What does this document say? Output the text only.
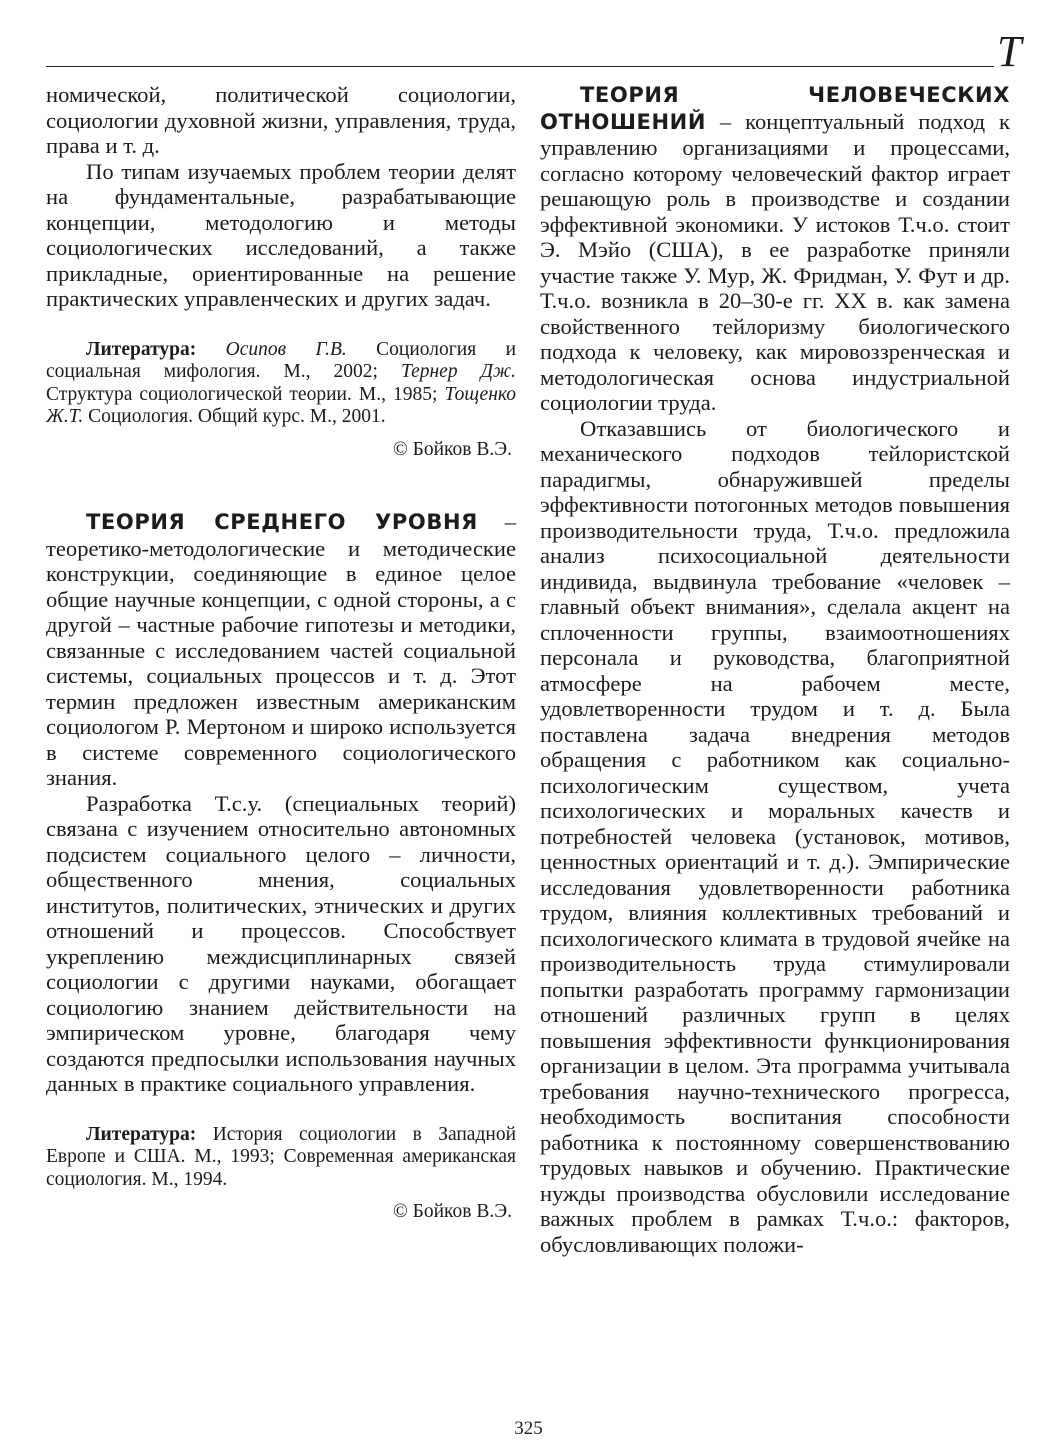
Т

номической, политической социологии, социологии духовной жизни, управления, труда, права и т. д.

По типам изучаемых проблем теории делят на фундаментальные, разрабатывающие концепции, методологию и методы социологических исследований, а также прикладные, ориентированные на решение практических управленческих и других задач.

Литература: Осипов Г.В. Социология и социальная мифология. М., 2002; Тернер Дж. Структура социологической теории. М., 1985; Тощенко Ж.Т. Социология. Общий курс. М., 2001.

© Бойков В.Э.

ТЕОРИЯ СРЕДНЕГО УРОВНЯ – теоретико-методологические и методические конструкции, соединяющие в единое целое общие научные концепции, с одной стороны, а с другой – частные рабочие гипотезы и методики, связанные с исследованием частей социальной системы, социальных процессов и т. д. Этот термин предложен известным американским социологом Р. Мертоном и широко используется в системе современного социологического знания.

Разработка Т.с.у. (специальных теорий) связана с изучением относительно автономных подсистем социального целого – личности, общественного мнения, социальных институтов, политических, этнических и других отношений и процессов. Способствует укреплению междисциплинарных связей социологии с другими науками, обогащает социологию знанием действительности на эмпирическом уровне, благодаря чему создаются предпосылки использования научных данных в практике социального управления.

Литература: История социологии в Западной Европе и США. М., 1993; Современная американская социология. М., 1994.

© Бойков В.Э.

ТЕОРИЯ ЧЕЛОВЕЧЕСКИХ ОТНОШЕНИЙ – концептуальный подход к управлению организациями и процессами, согласно которому человеческий фактор играет решающую роль в производстве и создании эффективной экономики. У истоков Т.ч.о. стоит Э. Мэйо (США), в ее разработке приняли участие также У. Мур, Ж. Фридман, У. Фут и др. Т.ч.о. возникла в 20–30-е гг. XX в. как замена свойственного тейлоризму биологического подхода к человеку, как мировоззренческая и методологическая основа индустриальной социологии труда.

Отказавшись от биологического и механического подходов тейлористской парадигмы, обнаружившей пределы эффективности потогонных методов повышения производительности труда, Т.ч.о. предложила анализ психосоциальной деятельности индивида, выдвинула требование «человек – главный объект внимания», сделала акцент на сплоченности группы, взаимоотношениях персонала и руководства, благоприятной атмосфере на рабочем месте, удовлетворенности трудом и т. д. Была поставлена задача внедрения методов обращения с работником как социально-психологическим существом, учета психологических и моральных качеств и потребностей человека (установок, мотивов, ценностных ориентаций и т. д.). Эмпирические исследования удовлетворенности работника трудом, влияния коллективных требований и психологического климата в трудовой ячейке на производительность труда стимулировали попытки разработать программу гармонизации отношений различных групп в целях повышения эффективности функционирования организации в целом. Эта программа учитывала требования научно-технического прогресса, необходимость воспитания способности работника к постоянному совершенствованию трудовых навыков и обучению. Практические нужды производства обусловили исследование важных проблем в рамках Т.ч.о.: факторов, обусловливающих положи-

325
